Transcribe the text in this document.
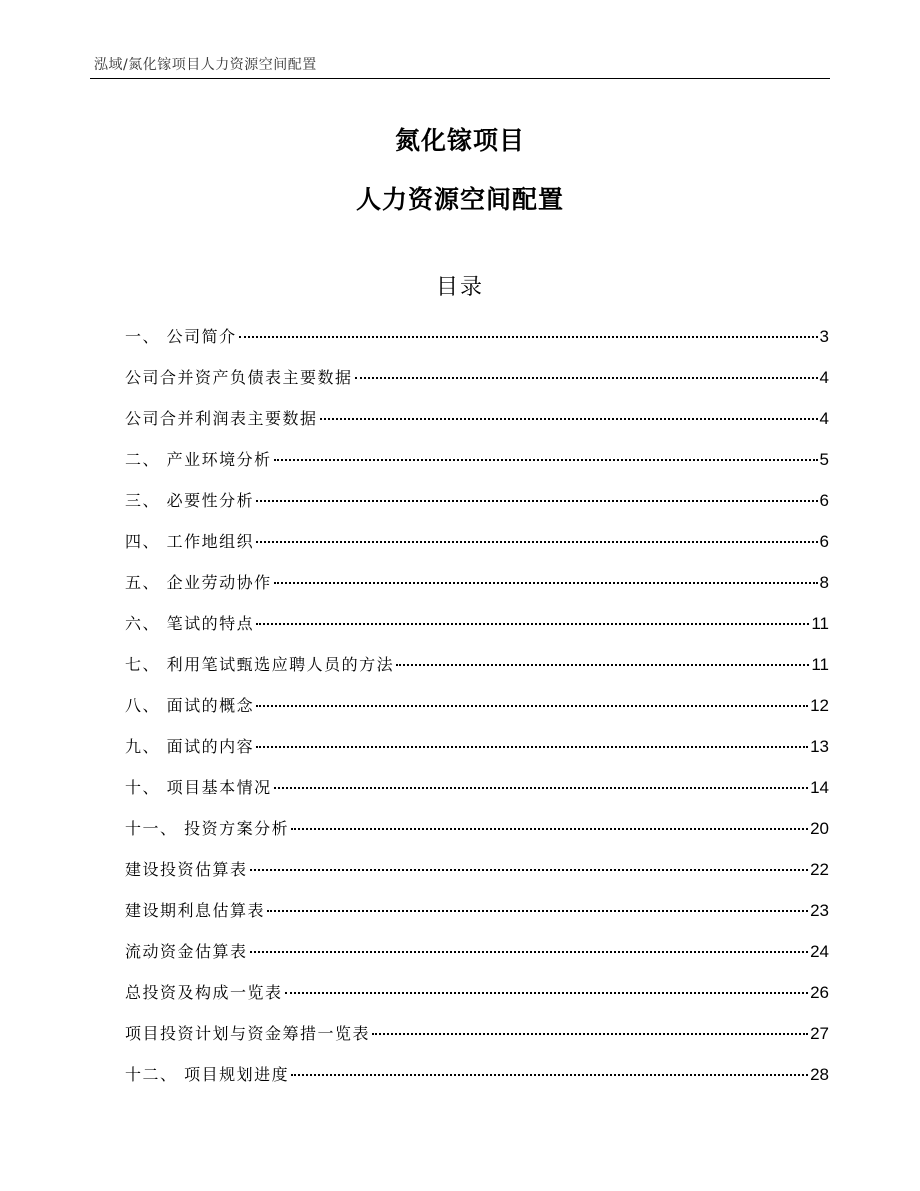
泓域/氮化镓项目人力资源空间配置
氮化镓项目
人力资源空间配置
目录
一、 公司简介	3
公司合并资产负债表主要数据	4
公司合并利润表主要数据	4
二、 产业环境分析	5
三、 必要性分析	6
四、 工作地组织	6
五、 企业劳动协作	8
六、 笔试的特点	11
七、 利用笔试甄选应聘人员的方法	11
八、 面试的概念	12
九、 面试的内容	13
十、 项目基本情况	14
十一、 投资方案分析	20
建设投资估算表	22
建设期利息估算表	23
流动资金估算表	24
总投资及构成一览表	26
项目投资计划与资金筹措一览表	27
十二、 项目规划进度	28
